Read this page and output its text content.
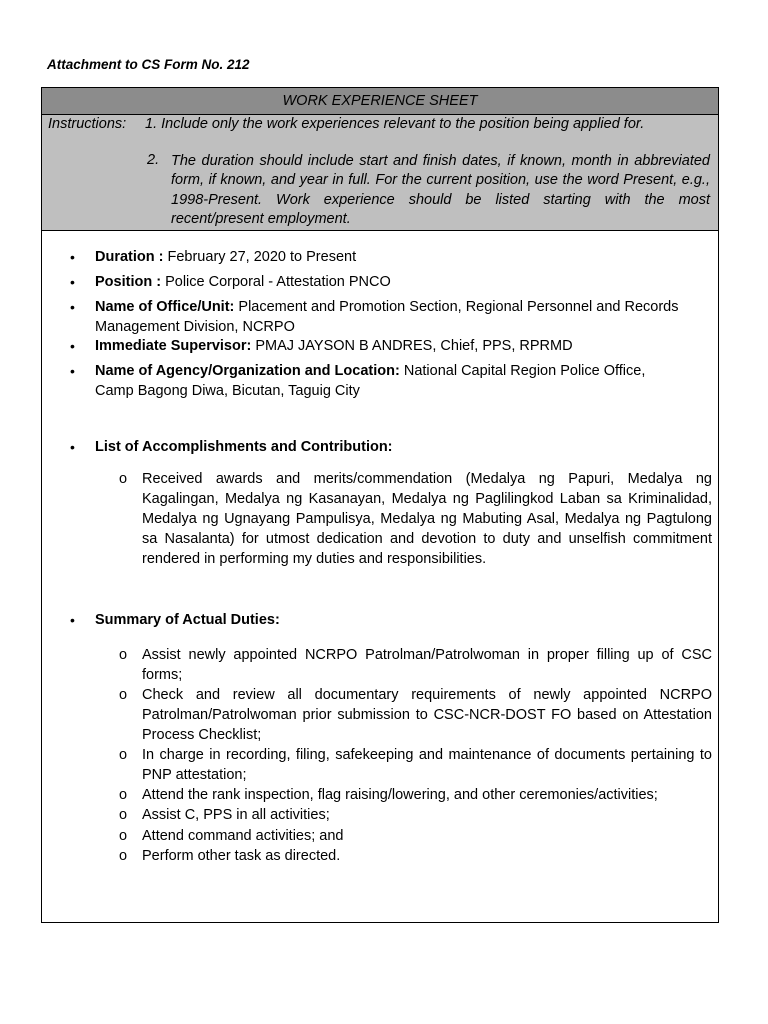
Attachment to CS Form No. 212
WORK EXPERIENCE SHEET
Instructions: 1. Include only the work experiences relevant to the position being applied for.
2. The duration should include start and finish dates, if known, month in abbreviated form, if known, and year in full. For the current position, use the word Present, e.g., 1998-Present. Work experience should be listed starting with the most recent/present employment.
• Duration : February 27, 2020 to Present
• Position : Police Corporal - Attestation PNCO
• Name of Office/Unit: Placement and Promotion Section, Regional Personnel and Records Management Division, NCRPO
• Immediate Supervisor: PMAJ JAYSON B ANDRES, Chief, PPS, RPRMD
• Name of Agency/Organization and Location: National Capital Region Police Office, Camp Bagong Diwa, Bicutan, Taguig City
• List of Accomplishments and Contribution:
o Received awards and merits/commendation (Medalya ng Papuri, Medalya ng Kagalingan, Medalya ng Kasanayan, Medalya ng Paglilingkod Laban sa Kriminalidad, Medalya ng Ugnayang Pampulisya, Medalya ng Mabuting Asal, Medalya ng Pagtulong sa Nasalanta) for utmost dedication and devotion to duty and unselfish commitment rendered in performing my duties and responsibilities.
• Summary of Actual Duties:
o Assist newly appointed NCRPO Patrolman/Patrolwoman in proper filling up of CSC forms;
o Check and review all documentary requirements of newly appointed NCRPO Patrolman/Patrolwoman prior submission to CSC-NCR-DOST FO based on Attestation Process Checklist;
o In charge in recording, filing, safekeeping and maintenance of documents pertaining to PNP attestation;
o Attend the rank inspection, flag raising/lowering, and other ceremonies/activities;
o Assist C, PPS in all activities;
o Attend command activities; and
o Perform other task as directed.
